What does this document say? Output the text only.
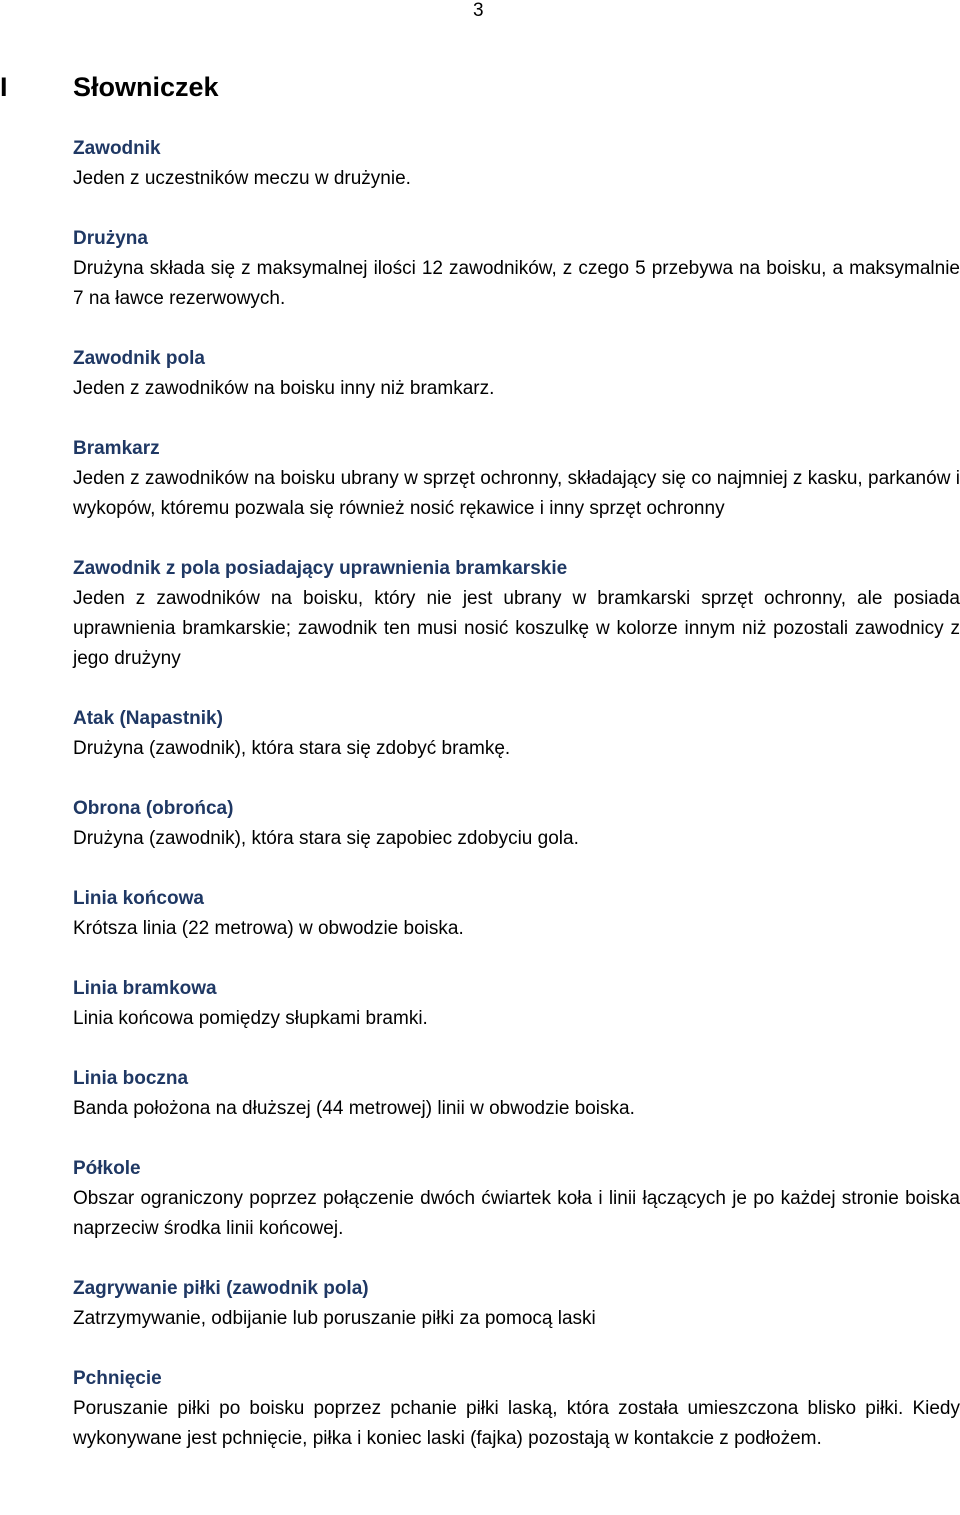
3
I Słowniczek
Zawodnik
Jeden z uczestników meczu w drużynie.
Drużyna
Drużyna składa się z maksymalnej ilości 12 zawodników, z czego 5 przebywa na boisku, a maksymalnie 7 na ławce rezerwowych.
Zawodnik pola
Jeden z zawodników na boisku inny niż bramkarz.
Bramkarz
Jeden z zawodników na boisku ubrany w sprzęt ochronny, składający się co najmniej z kasku, parkanów i wykopów, któremu pozwala się również nosić rękawice i inny sprzęt ochronny
Zawodnik z pola posiadający uprawnienia bramkarskie
Jeden z zawodników na boisku, który nie jest ubrany w bramkarski sprzęt ochronny, ale posiada uprawnienia bramkarskie; zawodnik ten musi nosić koszulkę w kolorze innym niż pozostali zawodnicy z jego drużyny
Atak (Napastnik)
Drużyna (zawodnik), która stara się zdobyć bramkę.
Obrona (obrońca)
Drużyna (zawodnik), która stara się zapobiec zdobyciu gola.
Linia końcowa
Krótsza linia (22 metrowa) w obwodzie boiska.
Linia bramkowa
Linia końcowa pomiędzy słupkami bramki.
Linia boczna
Banda położona na dłuższej (44 metrowej) linii w obwodzie boiska.
Półkole
Obszar ograniczony poprzez połączenie dwóch ćwiartek koła i linii łączących je po każdej stronie boiska naprzeciw środka linii końcowej.
Zagrywanie piłki (zawodnik pola)
Zatrzymywanie, odbijanie lub poruszanie piłki za pomocą laski
Pchnięcie
Poruszanie piłki po boisku poprzez pchanie piłki laską, która została umieszczona blisko piłki. Kiedy wykonywane jest pchnięcie, piłka i koniec laski (fajka) pozostają w kontakcie z podłożem.
